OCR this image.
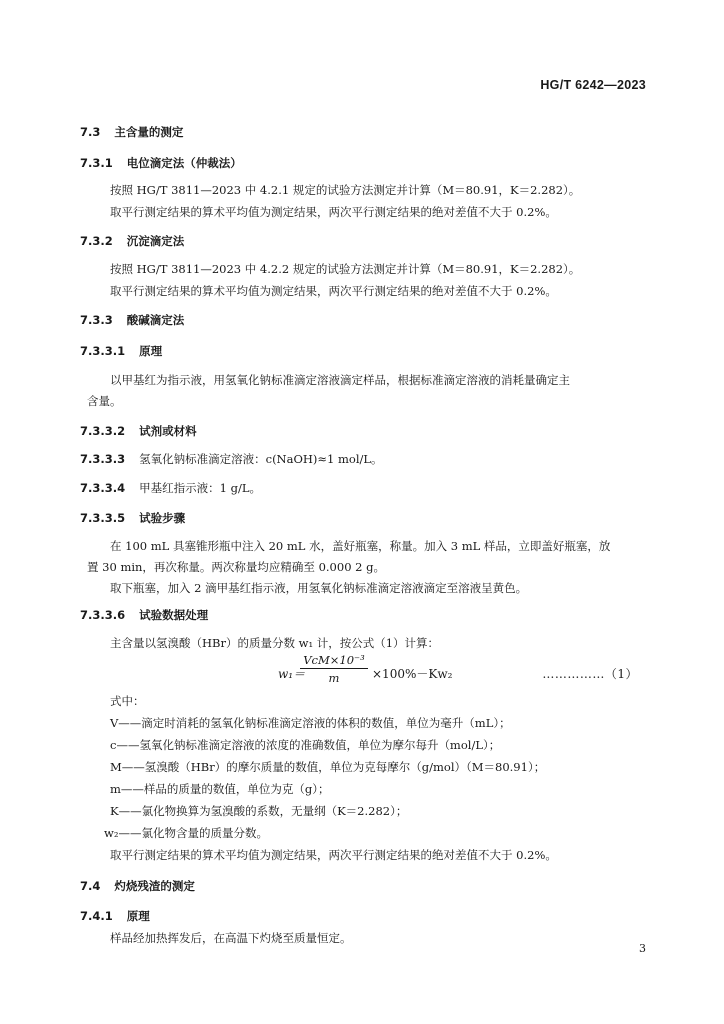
HG/T 6242—2023
7.3 主含量的测定
7.3.1 电位滴定法（仲裁法）
按照 HG/T 3811—2023 中 4.2.1 规定的试验方法测定并计算（M＝80.91，K＝2.282）。
取平行测定结果的算术平均值为测定结果，两次平行测定结果的绝对差值不大于 0.2%。
7.3.2 沉淀滴定法
按照 HG/T 3811—2023 中 4.2.2 规定的试验方法测定并计算（M＝80.91，K＝2.282）。
取平行测定结果的算术平均值为测定结果，两次平行测定结果的绝对差值不大于 0.2%。
7.3.3 酸碱滴定法
7.3.3.1 原理
以甲基红为指示液，用氢氧化钠标准滴定溶液滴定样品，根据标准滴定溶液的消耗量确定主
含量。
7.3.3.2 试剂或材料
7.3.3.3 氢氧化钠标准滴定溶液：c(NaOH)≈1 mol/L。
7.3.3.4 甲基红指示液：1 g/L。
7.3.3.5 试验步骤
在 100 mL 具塞锥形瓶中注入 20 mL 水，盖好瓶塞，称量。加入 3 mL 样品，立即盖好瓶塞，放
置 30 min，再次称量。两次称量均应精确至 0.000 2 g。
取下瓶塞，加入 2 滴甲基红指示液，用氢氧化钠标准滴定溶液滴定至溶液呈黄色。
7.3.3.6 试验数据处理
主含量以氢溴酸（HBr）的质量分数 w₁ 计，按公式（1）计算：
w₁＝
VcM×10⁻³
m	×100%－Kw₂	……………（1）
式中：
V——滴定时消耗的氢氧化钠标准滴定溶液的体积的数值，单位为毫升（mL）；
c——氢氧化钠标准滴定溶液的浓度的准确数值，单位为摩尔每升（mol/L）；
M——氢溴酸（HBr）的摩尔质量的数值，单位为克每摩尔（g/mol）（M＝80.91）；
m——样品的质量的数值，单位为克（g）；
K——氯化物换算为氢溴酸的系数，无量纲（K＝2.282）；
w₂——氯化物含量的质量分数。
取平行测定结果的算术平均值为测定结果，两次平行测定结果的绝对差值不大于 0.2%。
7.4 灼烧残渣的测定
7.4.1 原理
样品经加热挥发后，在高温下灼烧至质量恒定。
3
